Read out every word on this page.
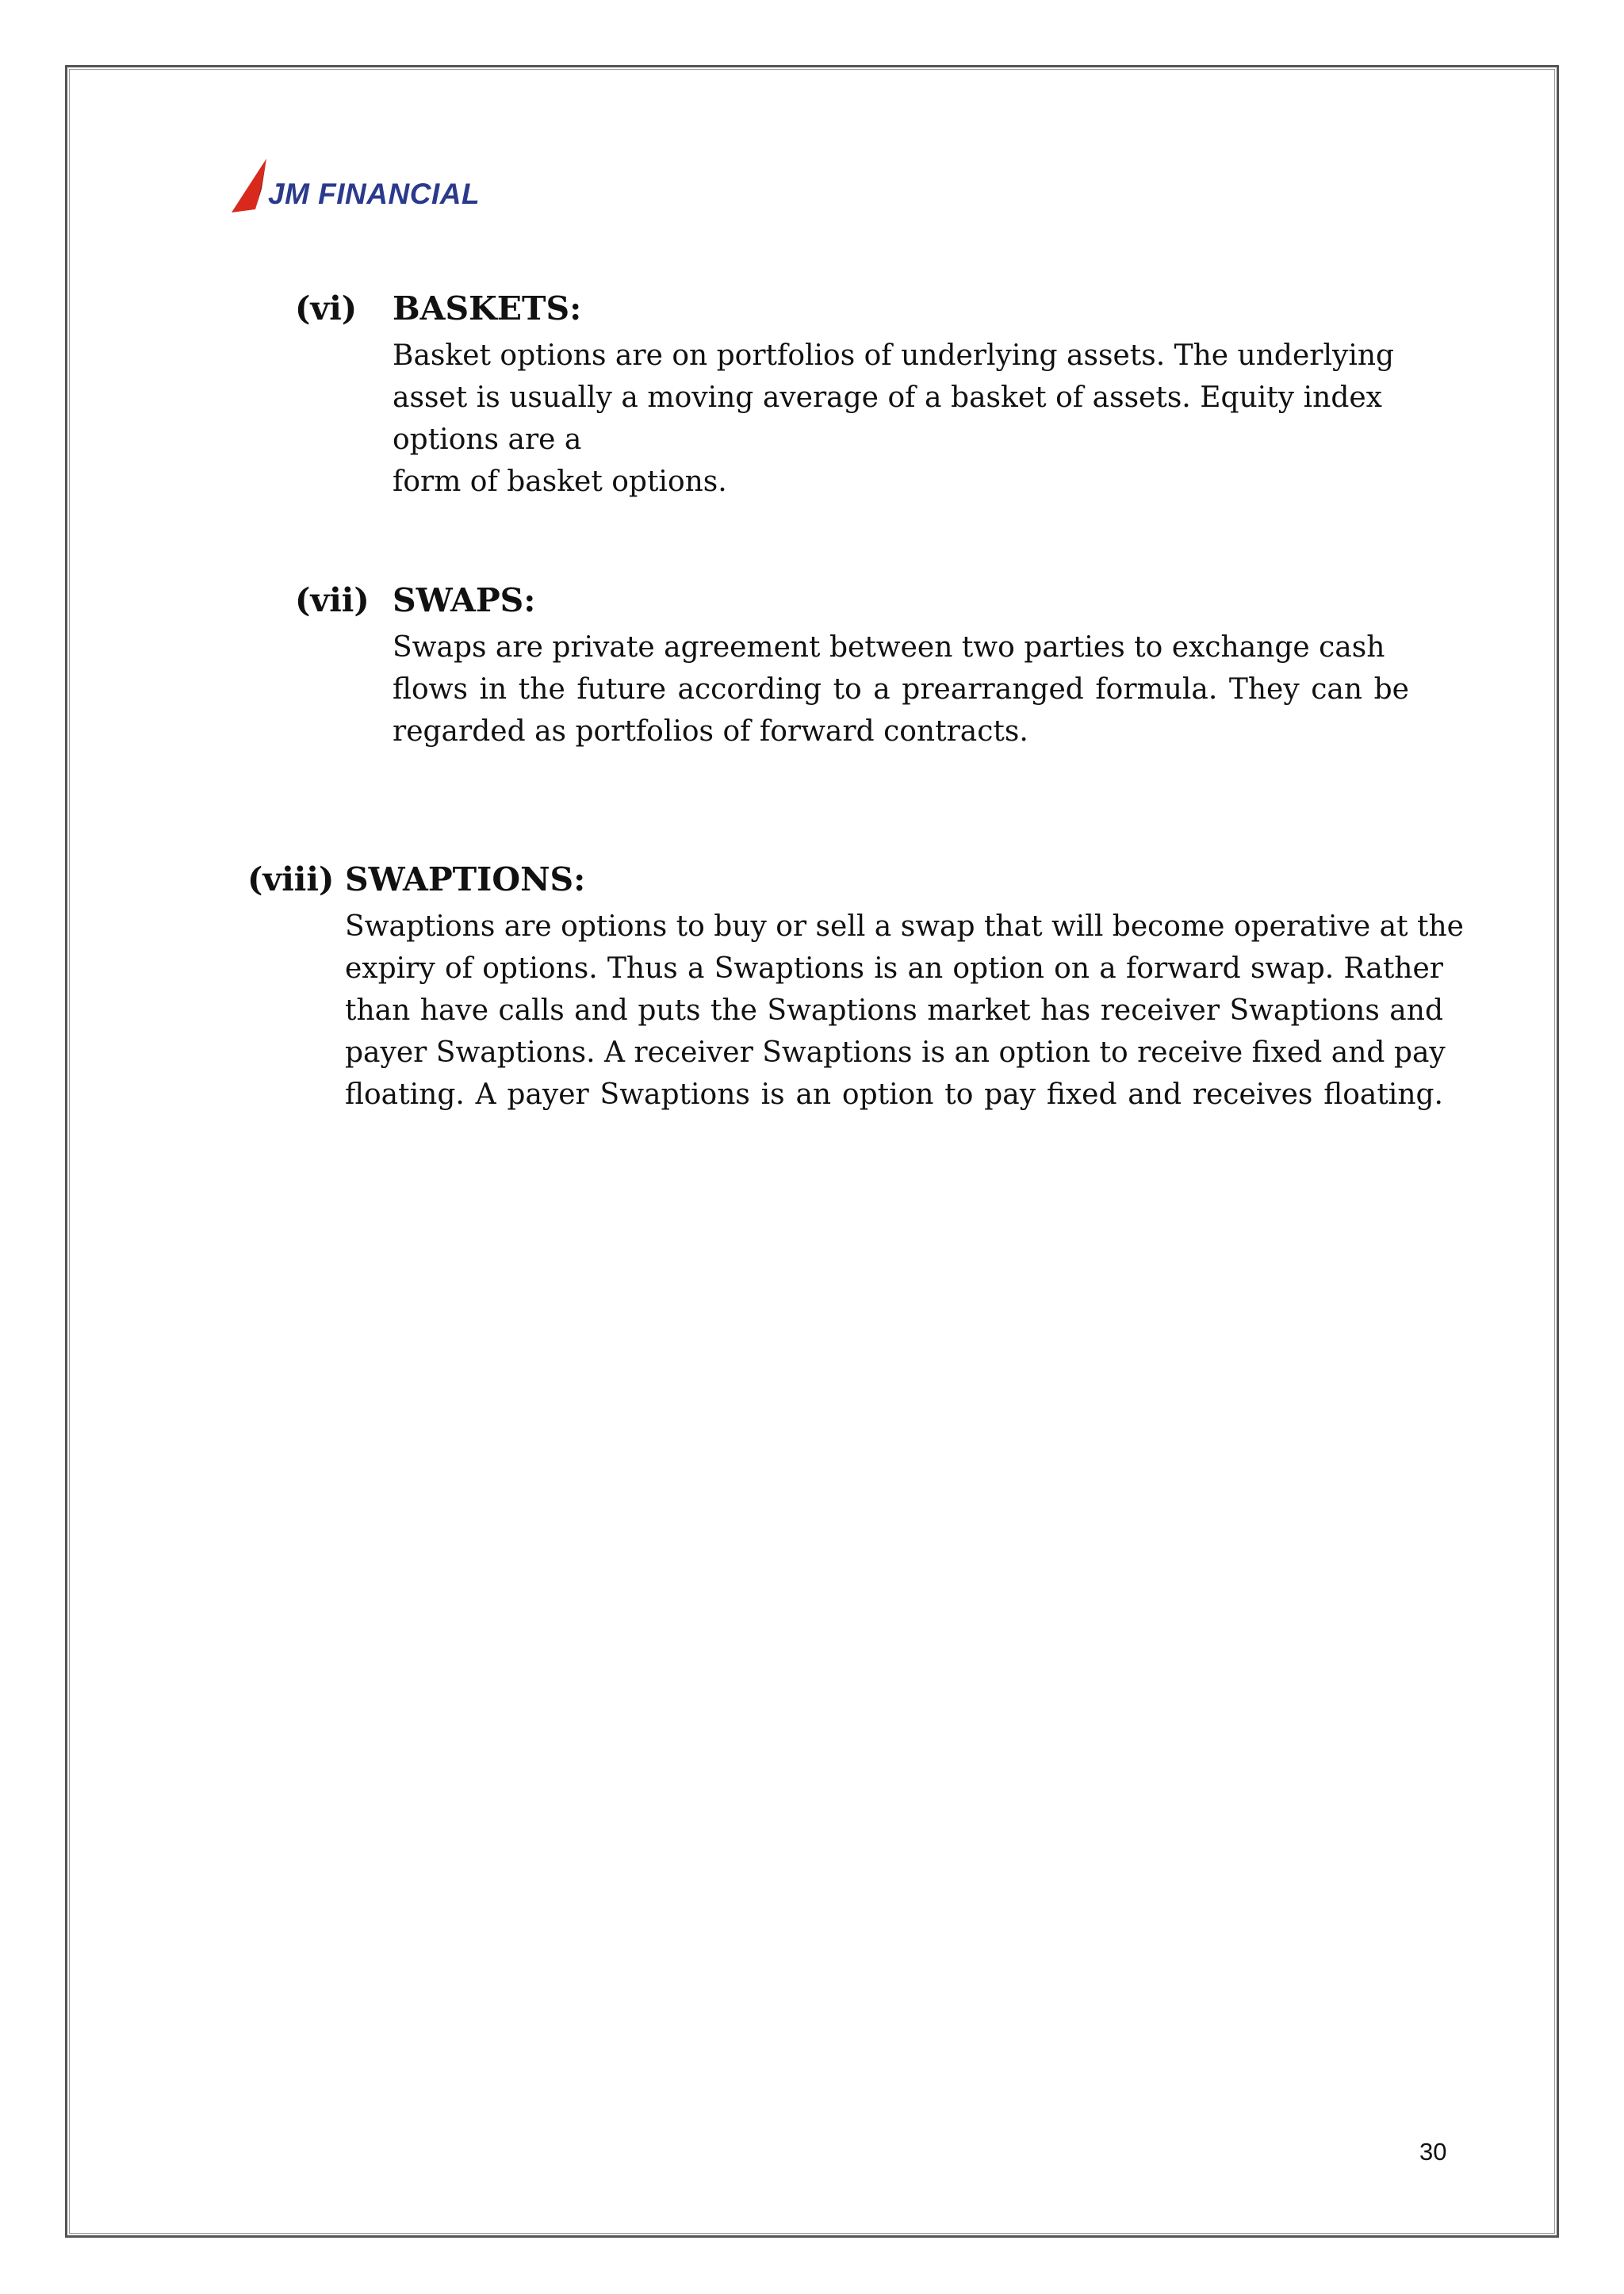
JM FINANCIAL
(vi) BASKETS:
Basket options are on portfolios of underlying assets. The underlying
asset is usually a moving average of a basket of assets. Equity index
options are a
form of basket options.
(vii) SWAPS:
Swaps are private agreement between two parties to exchange cash
flows in the future according to a prearranged formula. They can be
regarded as portfolios of forward contracts.
(viii) SWAPTIONS:
Swaptions are options to buy or sell a swap that will become operative at the
expiry of options. Thus a Swaptions is an option on a forward swap. Rather
than have calls and puts the Swaptions market has receiver Swaptions and
payer Swaptions. A receiver Swaptions is an option to receive fixed and pay
floating. A payer Swaptions is an option to pay fixed and receives floating.
30
